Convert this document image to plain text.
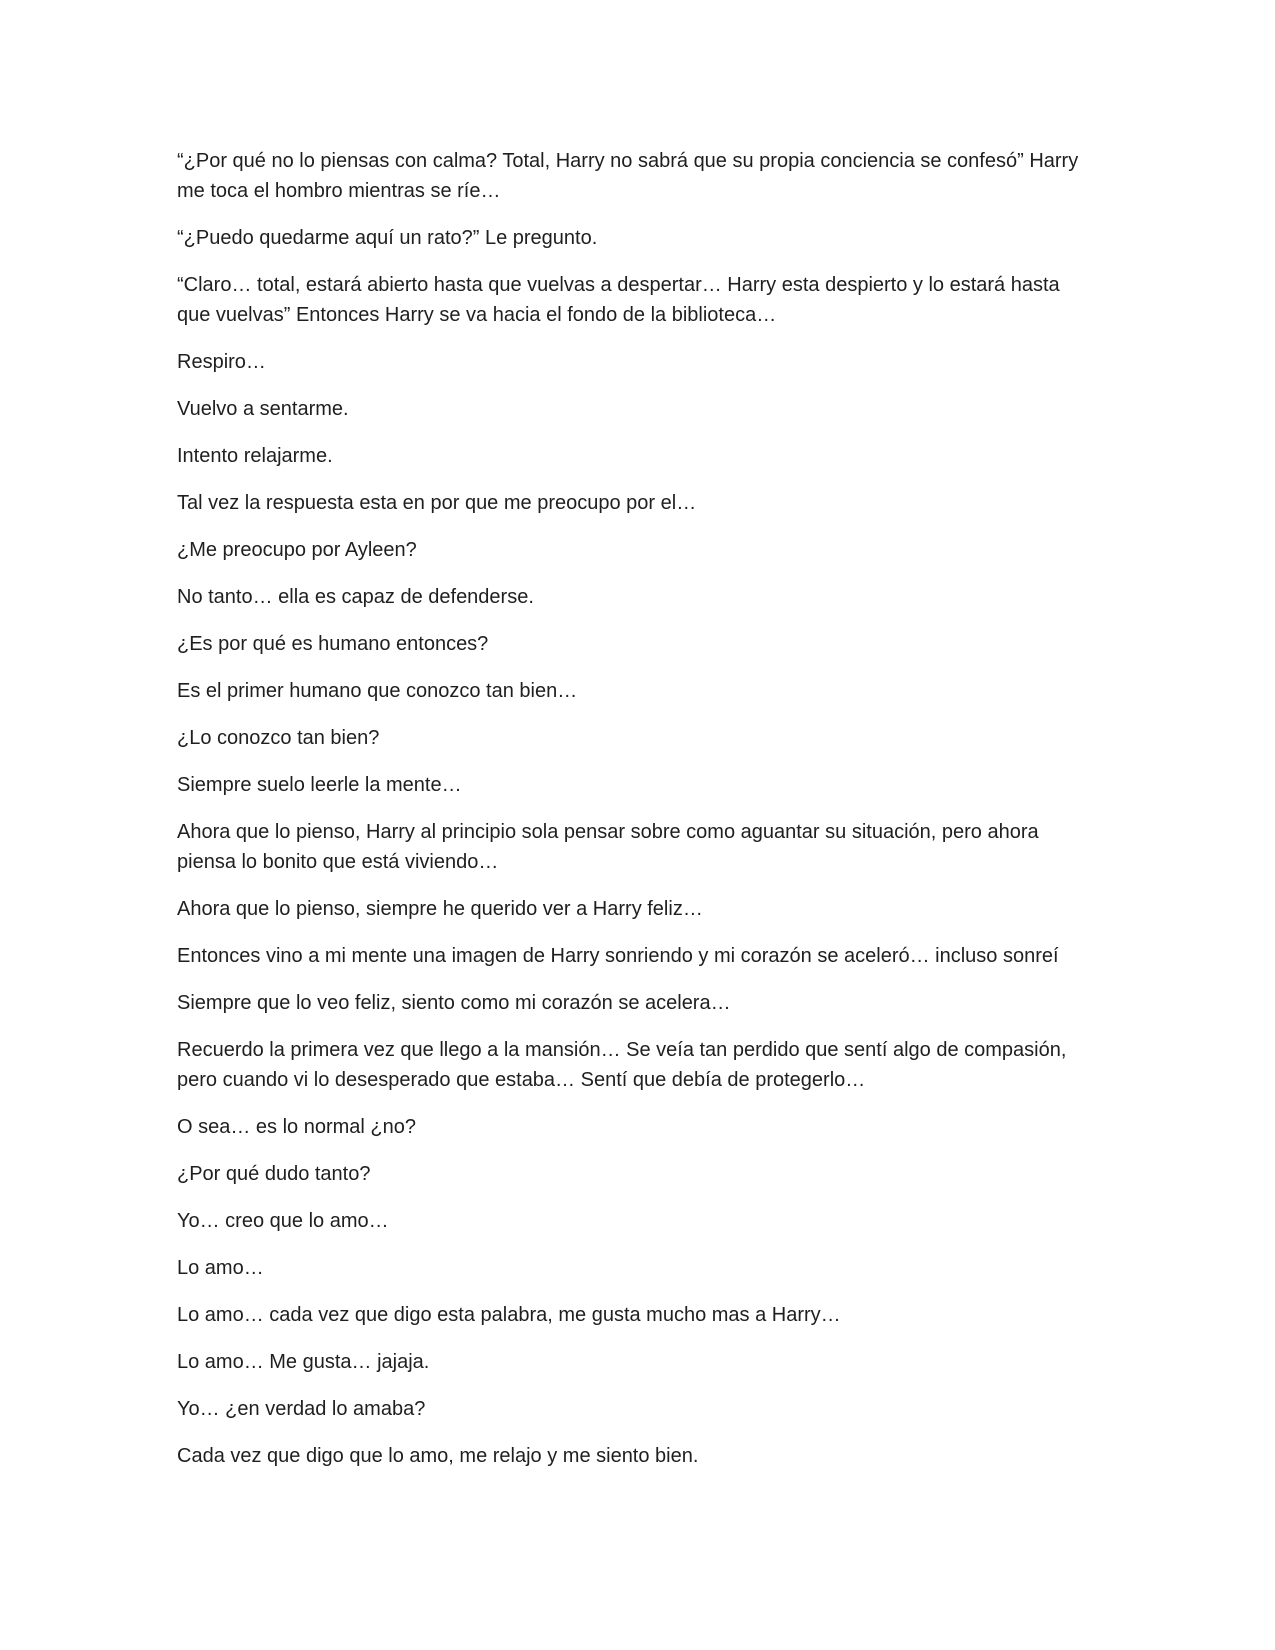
“¿Por qué no lo piensas con calma? Total, Harry no sabrá que su propia conciencia se confesó” Harry me toca el hombro mientras se ríe…

“¿Puedo quedarme aquí un rato?” Le pregunto.

“Claro… total, estará abierto hasta que vuelvas a despertar… Harry esta despierto y lo estará hasta que vuelvas” Entonces Harry se va hacia el fondo de la biblioteca…

Respiro…

Vuelvo a sentarme.

Intento relajarme.

Tal vez la respuesta esta en por que me preocupo por el…

¿Me preocupo por Ayleen?

No tanto… ella es capaz de defenderse.

¿Es por qué es humano entonces?

Es el primer humano que conozco tan bien…

¿Lo conozco tan bien?

Siempre suelo leerle la mente…

Ahora que lo pienso, Harry al principio sola pensar sobre como aguantar su situación, pero ahora piensa lo bonito que está viviendo…

Ahora que lo pienso, siempre he querido ver a Harry feliz…

Entonces vino a mi mente una imagen de Harry sonriendo y mi corazón se aceleró… incluso sonreí

Siempre que lo veo feliz, siento como mi corazón se acelera…

Recuerdo la primera vez que llego a la mansión… Se veía tan perdido que sentí algo de compasión, pero cuando vi lo desesperado que estaba… Sentí que debía de protegerlo…

O sea… es lo normal ¿no?

¿Por qué dudo tanto?

Yo… creo que lo amo…

Lo amo…

Lo amo… cada vez que digo esta palabra, me gusta mucho mas a Harry…

Lo amo… Me gusta… jajaja.

Yo… ¿en verdad lo amaba?

Cada vez que digo que lo amo, me relajo y me siento bien.
